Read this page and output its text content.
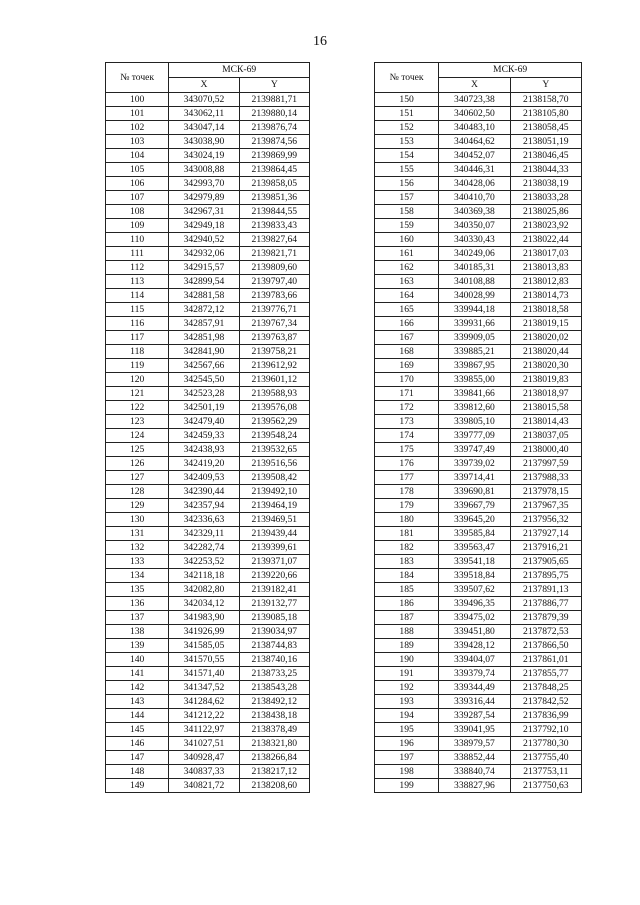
16
№ точек	МСК-69	
	X	Y
100	343070,52	2139881,71
101	343062,11	2139880,14
102	343047,14	2139876,74
103	343038,90	2139874,56
104	343024,19	2139869,99
105	343008,88	2139864,45
106	342993,70	2139858,05
107	342979,89	2139851,36
108	342967,31	2139844,55
109	342949,18	2139833,43
110	342940,52	2139827,64
111	342932,06	2139821,71
112	342915,57	2139809,60
113	342899,54	2139797,40
114	342881,58	2139783,66
115	342872,12	2139776,71
116	342857,91	2139767,34
117	342851,98	2139763,87
118	342841,90	2139758,21
119	342567,66	2139612,92
120	342545,50	2139601,12
121	342523,28	2139588,93
122	342501,19	2139576,08
123	342479,40	2139562,29
124	342459,33	2139548,24
125	342438,93	2139532,65
126	342419,20	2139516,56
127	342409,53	2139508,42
128	342390,44	2139492,10
129	342357,94	2139464,19
130	342336,63	2139469,51
131	342329,11	2139439,44
132	342282,74	2139399,61
133	342253,52	2139371,07
134	342118,18	2139220,66
135	342082,80	2139182,41
136	342034,12	2139132,77
137	341983,90	2139085,18
138	341926,99	2139034,97
139	341585,05	2138744,83
140	341570,55	2138740,16
141	341571,40	2138733,25
142	341347,52	2138543,28
143	341284,62	2138492,12
144	341212,22	2138438,18
145	341122,97	2138378,49
146	341027,51	2138321,80
147	340928,47	2138266,84
148	340837,33	2138217,12
149	340821,72	2138208,60
№ точек	МСК-69	
	X	Y
150	340723,38	2138158,70
151	340602,50	2138105,80
152	340483,10	2138058,45
153	340464,62	2138051,19
154	340452,07	2138046,45
155	340446,31	2138044,33
156	340428,06	2138038,19
157	340410,70	2138033,28
158	340369,38	2138025,86
159	340350,07	2138023,92
160	340330,43	2138022,44
161	340249,06	2138017,03
162	340185,31	2138013,83
163	340108,88	2138012,83
164	340028,99	2138014,73
165	339944,18	2138018,58
166	339931,66	2138019,15
167	339909,05	2138020,02
168	339885,21	2138020,44
169	339867,95	2138020,30
170	339855,00	2138019,83
171	339841,66	2138018,97
172	339812,60	2138015,58
173	339805,10	2138014,43
174	339777,09	2138037,05
175	339747,49	2138000,40
176	339739,02	2137997,59
177	339714,41	2137988,33
178	339690,81	2137978,15
179	339667,79	2137967,35
180	339645,20	2137956,32
181	339585,84	2137927,14
182	339563,47	2137916,21
183	339541,18	2137905,65
184	339518,84	2137895,75
185	339507,62	2137891,13
186	339496,35	2137886,77
187	339475,02	2137879,39
188	339451,80	2137872,53
189	339428,12	2137866,50
190	339404,07	2137861,01
191	339379,74	2137855,77
192	339344,49	2137848,25
193	339316,44	2137842,52
194	339287,54	2137836,99
195	339041,95	2137792,10
196	338979,57	2137780,30
197	338852,44	2137755,40
198	338840,74	2137753,11
199	338827,96	2137750,63
